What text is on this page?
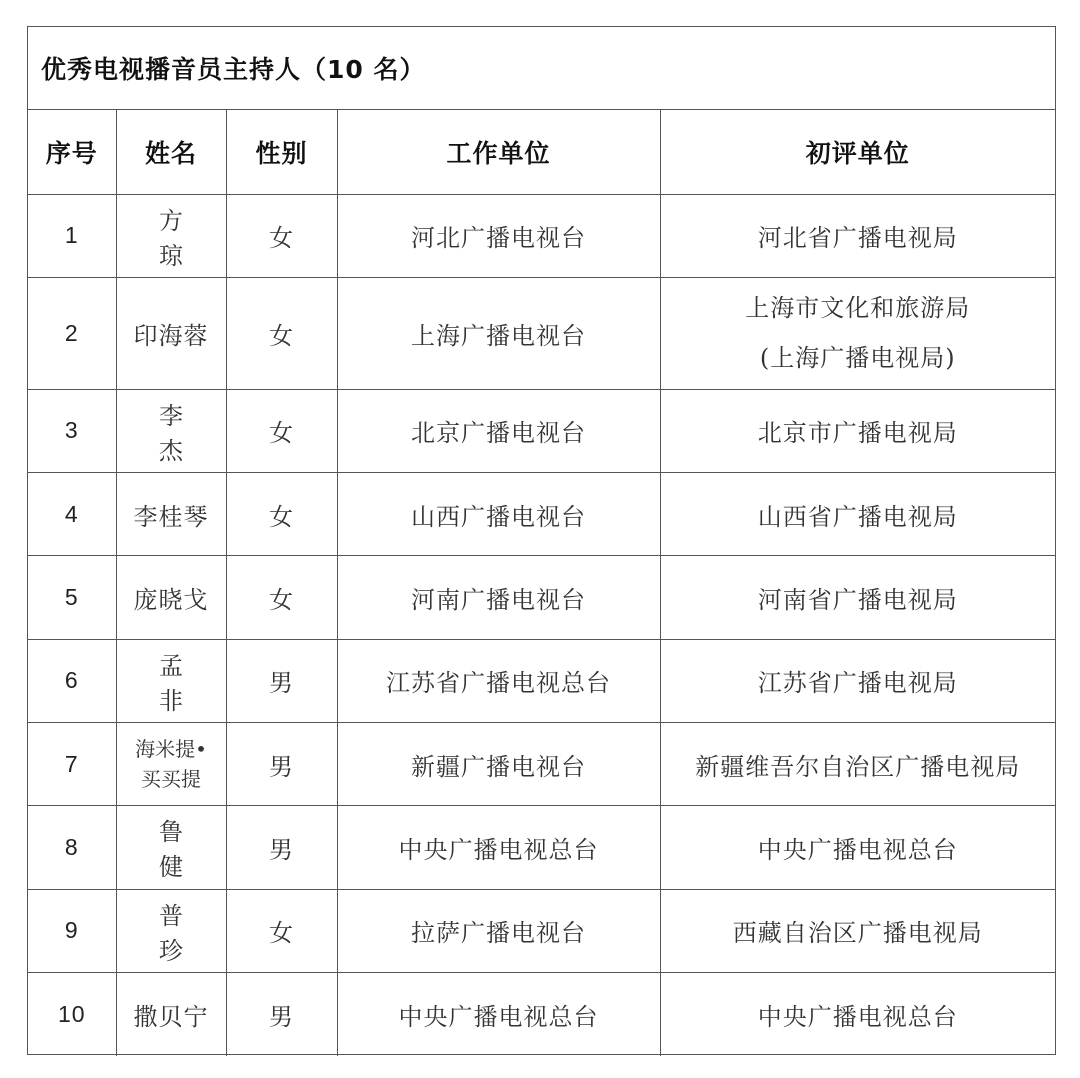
优秀电视播音员主持人（10 名）
序号	姓名	性别	工作单位	初评单位
1	方 琼	女	河北广播电视台	河北省广播电视局
2	印海蓉	女	上海广播电视台	上海市文化和旅游局
(上海广播电视局)

3	李 杰	女	北京广播电视台	北京市广播电视局
4	李桂琴	女	山西广播电视台	山西省广播电视局
5	庞晓戈	女	河南广播电视台	河南省广播电视局
6	孟 非	男	江苏省广播电视总台	江苏省广播电视局
7	海米提•
买买提	男	新疆广播电视台	新疆维吾尔自治区广播电视局
8	鲁 健	男	中央广播电视总台	中央广播电视总台
9	普 珍	女	拉萨广播电视台	西藏自治区广播电视局
10	撒贝宁	男	中央广播电视总台	中央广播电视总台
